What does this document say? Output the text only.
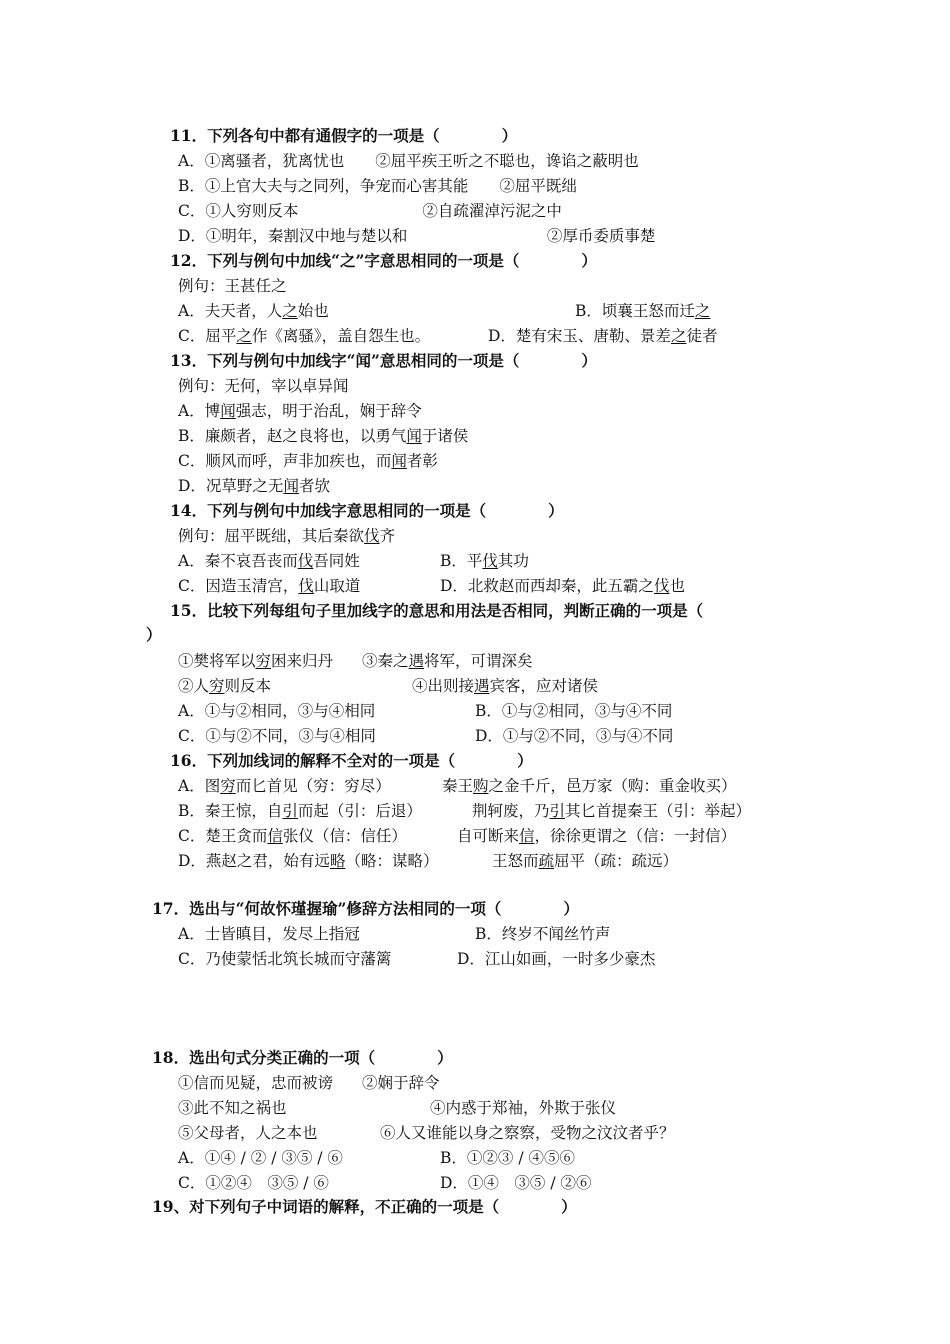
11．下列各句中都有通假字的一项是（　　　　）
A．①离骚者，犹离忧也　　②屈平疾王听之不聪也，谗谄之蔽明也
B．①上官大夫与之同列，争宠而心害其能　　②屈平既绌
C．①人穷则反本　　　　　　　　②自疏濯淖污泥之中
D．①明年，秦割汉中地与楚以和　　　　　　　　　②厚币委质事楚
12．下列与例句中加线“之”字意思相同的一项是（　　　　）
例句：王甚任之
A．夫天者，人之始也	B．顷襄王怒而迁之
C．屈平之作《离骚》，盖自怨生也。	D．楚有宋玉、唐勒、景差之徒者
13．下列与例句中加线字“闻”意思相同的一项是（　　　　）
例句：无何，宰以卓异闻
A．博闻强志，明于治乱，娴于辞令
B．廉颇者，赵之良将也，以勇气闻于诸侯
C．顺风而呼，声非加疾也，而闻者彰
D．况草野之无闻者欤
14．下列与例句中加线字意思相同的一项是（　　　　）
例句：屈平既绌，其后秦欲伐齐
A．秦不哀吾丧而伐吾同姓	B．平伐其功
C．因造玉清宫，伐山取道	D．北救赵而西却秦，此五霸之伐也
15．比较下列每组句子里加线字的意思和用法是否相同，判断正确的一项是（
）
①樊将军以穷困来归丹 ③秦之遇将军，可谓深矣
②人穷则反本	④出则接遇宾客，应对诸侯
A．①与②相同，③与④相同	B．①与②相同，③与④不同
C．①与②不同，③与④相同	D．①与②不同，③与④不同
16．下列加线词的解释不全对的一项是（　　　　）
A．图穷而匕首见（穷：穷尽）	秦王购之金千斤，邑万家（购：重金收买）
B．秦王惊，自引而起（引：后退）	荆轲废，乃引其匕首提秦王（引：举起）
C．楚王贪而信张仪（信：信任）	自可断来信，徐徐更谓之（信：一封信）
D．燕赵之君，始有远略（略：谋略）	王怒而疏屈平（疏：疏远）
17．选出与“何故怀瑾握瑜”修辞方法相同的一项（　　　　）
A．士皆瞋目，发尽上指冠	B．终岁不闻丝竹声
C．乃使蒙恬北筑长城而守藩篱	D．江山如画，一时多少豪杰
18．选出句式分类正确的一项（　　　　）
①信而见疑，忠而被谤 ②娴于辞令
③此不知之祸也	④内惑于郑袖，外欺于张仪
⑤父母者，人之本也	⑥人又谁能以身之察察，受物之汶汶者乎？
A．①④ / ② / ③⑤ / ⑥	B．①②③ / ④⑤⑥
C．①②④　③⑤ / ⑥	D．①④　③⑤ / ②⑥
19、对下列句子中词语的解释，不正确的一项是（　　　　）
